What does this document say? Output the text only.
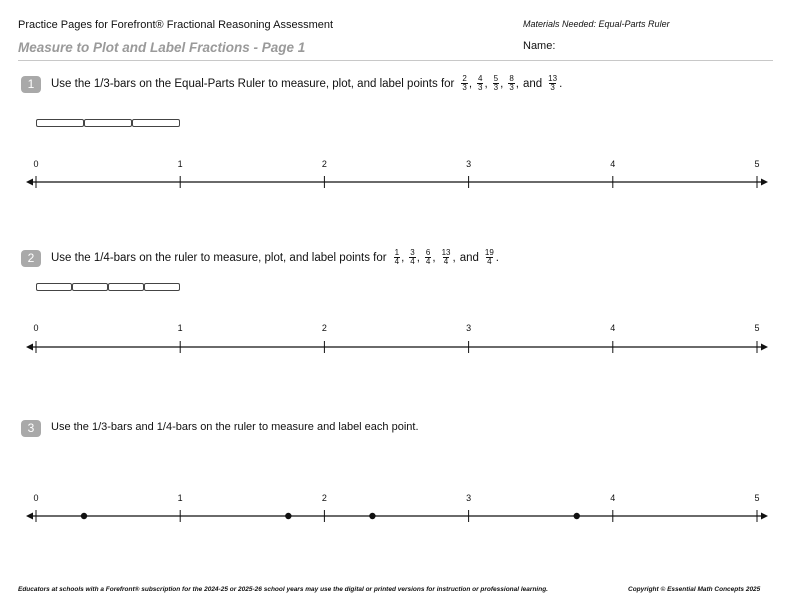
Practice Pages for Forefront® Fractional Reasoning Assessment
Measure to Plot and Label Fractions - Page 1
Materials Needed: Equal-Parts Ruler
Name:
1	Use the 1/3-bars on the Equal-Parts Ruler to measure, plot, and label points for $\frac{2}{3}$ , $\frac{4}{3}$ , $\frac{5}{3}$ , $\frac{8}{3}$ , and $\frac{13}{3}$ .
0	1	2	3	4	5
2	Use the 1/4-bars on the ruler to measure, plot, and label points for $\frac{1}{4}$ , $\frac{3}{4}$ , $\frac{6}{4}$ , $\frac{13}{4}$ , and $\frac{19}{4}$ .
0	1	2	3	4	5
3	Use the 1/3-bars and 1/4-bars on the ruler to measure and label each point.
0	1	2	3	4	5
Educators at schools with a Forefront® subscription for the 2024-25 or 2025-26 school years may use the digital or printed versions for instruction or professional learning.	Copyright © Essential Math Concepts 2025
